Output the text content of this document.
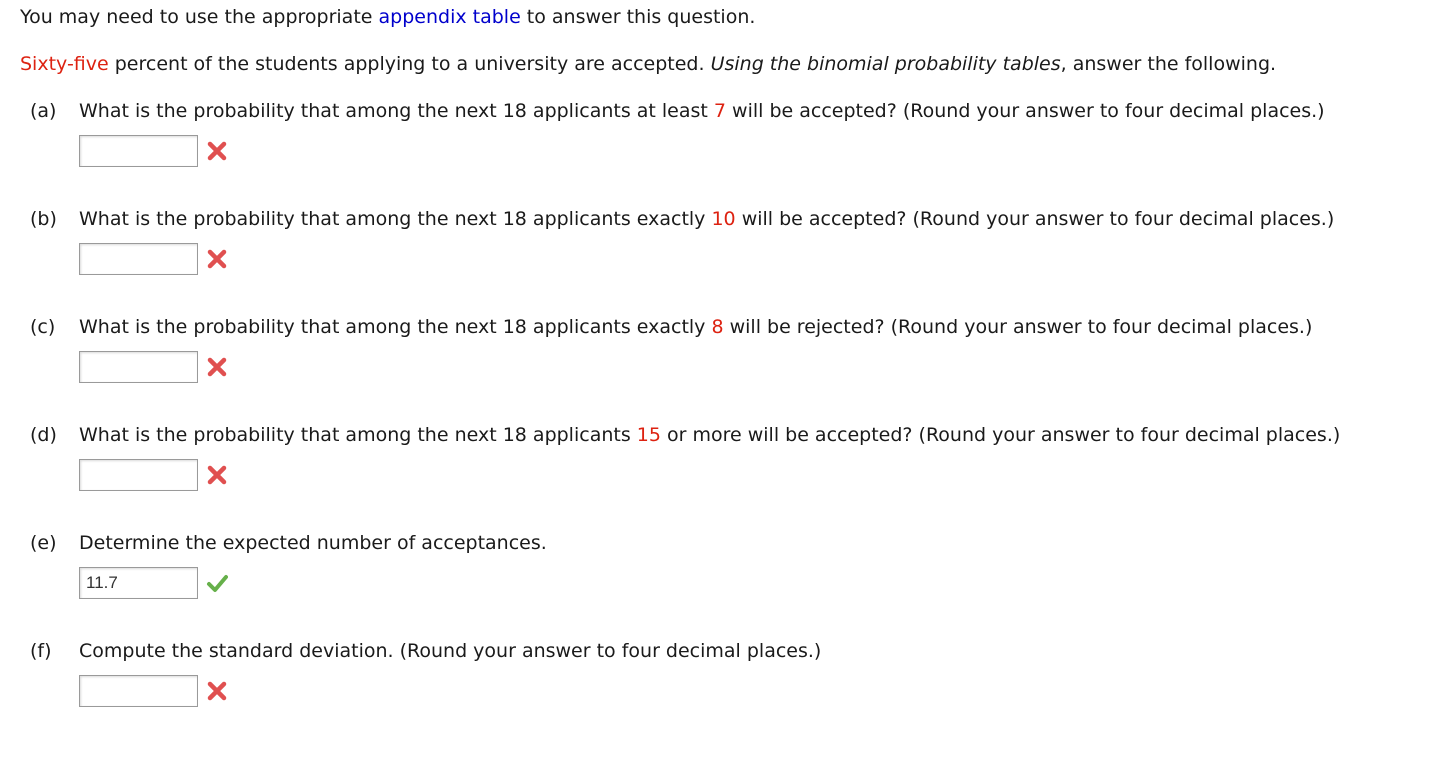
You may need to use the appropriate appendix table to answer this question.
Sixty-five percent of the students applying to a university are accepted. Using the binomial probability tables, answer the following.
(a) What is the probability that among the next 18 applicants at least 7 will be accepted? (Round your answer to four decimal places.)
(b) What is the probability that among the next 18 applicants exactly 10 will be accepted? (Round your answer to four decimal places.)
(c) What is the probability that among the next 18 applicants exactly 8 will be rejected? (Round your answer to four decimal places.)
(d) What is the probability that among the next 18 applicants 15 or more will be accepted? (Round your answer to four decimal places.)
(e) Determine the expected number of acceptances.
11.7
(f) Compute the standard deviation. (Round your answer to four decimal places.)
